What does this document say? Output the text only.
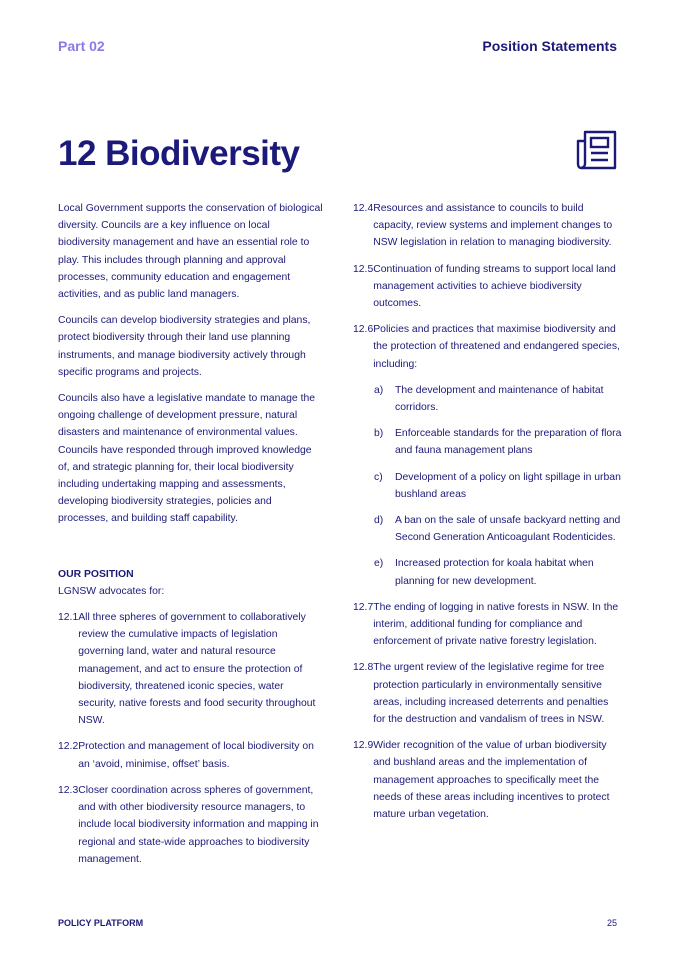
Part 02	Position Statements
12 Biodiversity

Local Government supports the conservation of biological diversity. Councils are a key influence on local biodiversity management and have an essential role to play. This includes through planning and approval processes, community education and engagement activities, and as public land managers.

Councils can develop biodiversity strategies and plans, protect biodiversity through their land use planning instruments, and manage biodiversity actively through specific programs and projects.

Councils also have a legislative mandate to manage the ongoing challenge of development pressure, natural disasters and maintenance of environmental values. Councils have responded through improved knowledge of, and strategic planning for, their local biodiversity including undertaking mapping and assessments, developing biodiversity strategies, policies and processes, and building staff capability.

OUR POSITION
LGNSW advocates for:
12.1 All three spheres of government to collaboratively review the cumulative impacts of legislation governing land, water and natural resource management, and act to ensure the protection of biodiversity, threatened iconic species, water security, native forests and food security throughout NSW.
12.2 Protection and management of local biodiversity on an ‘avoid, minimise, offset’ basis.
12.3 Closer coordination across spheres of government, and with other biodiversity resource managers, to include local biodiversity information and mapping in regional and state-wide approaches to biodiversity management.
12.4 Resources and assistance to councils to build capacity, review systems and implement changes to NSW legislation in relation to managing biodiversity.
12.5 Continuation of funding streams to support local land management activities to achieve biodiversity outcomes.
12.6 Policies and practices that maximise biodiversity and the protection of threatened and endangered species, including:
a)	The development and maintenance of habitat corridors.
b)	Enforceable standards for the preparation of flora and fauna management plans
c)	Development of a policy on light spillage in urban bushland areas
d)	A ban on the sale of unsafe backyard netting and Second Generation Anticoagulant Rodenticides.
e)	Increased protection for koala habitat when planning for new development.
12.7 The ending of logging in native forests in NSW. In the interim, additional funding for compliance and enforcement of private native forestry legislation.
12.8 The urgent review of the legislative regime for tree protection particularly in environmentally sensitive areas, including increased deterrents and penalties for the destruction and vandalism of trees in NSW.
12.9 Wider recognition of the value of urban biodiversity and bushland areas and the implementation of management approaches to specifically meet the needs of these areas including incentives to protect mature urban vegetation.
POLICY PLATFORM	25
